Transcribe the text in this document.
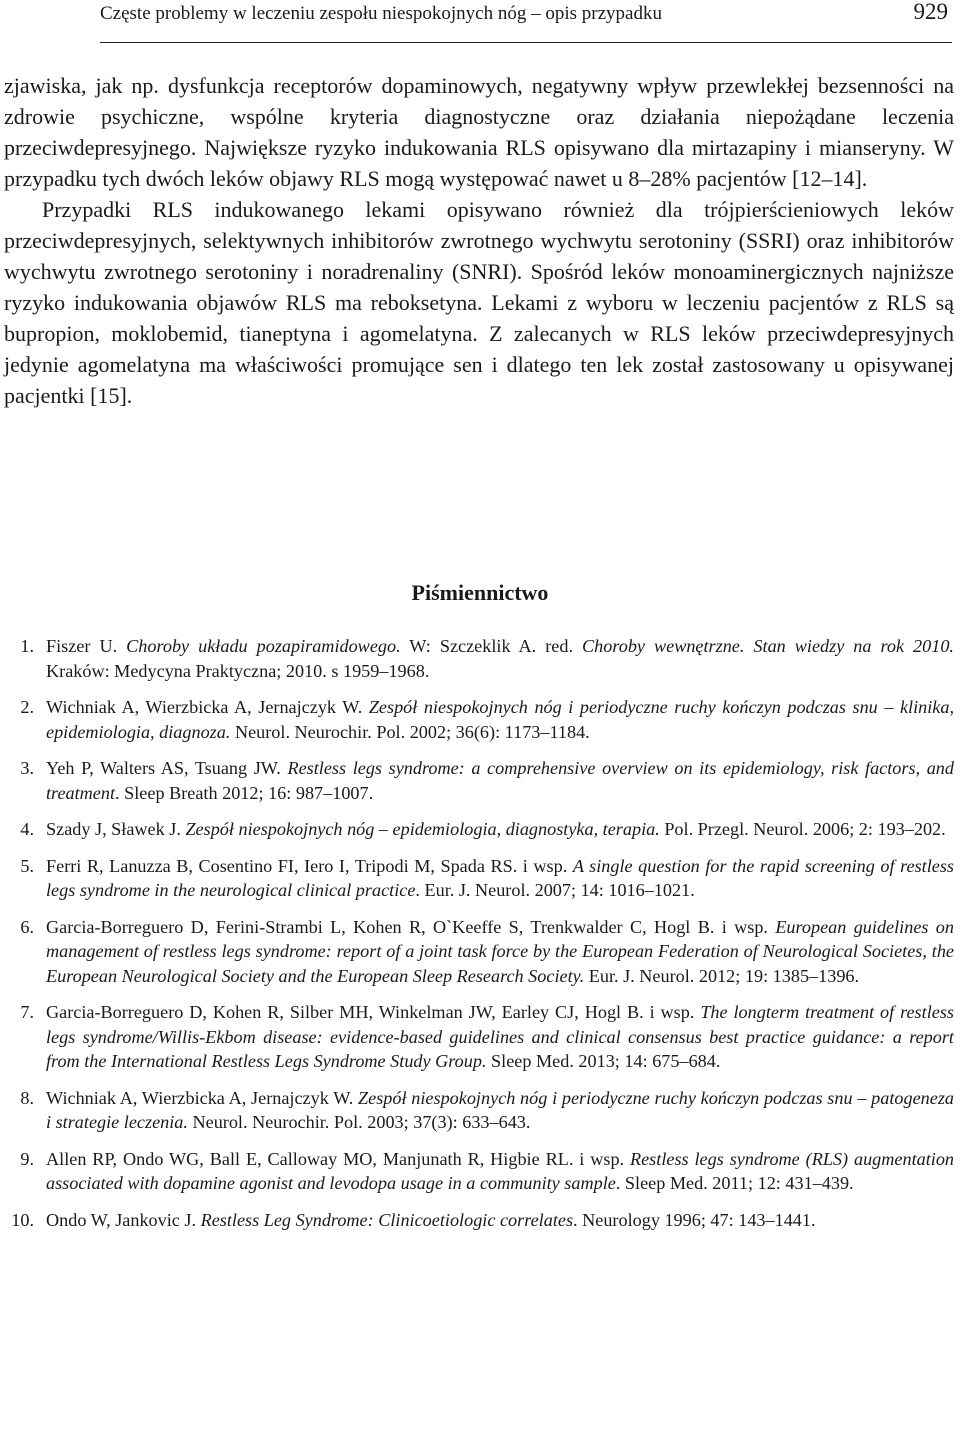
Częste problemy w leczeniu zespołu niespokojnych nóg – opis przypadku	929

zjawiska, jak np. dysfunkcja receptorów dopaminowych, negatywny wpływ przewlekłej bezsenności na zdrowie psychiczne, wspólne kryteria diagnostyczne oraz działania niepożądane leczenia przeciwdepresyjnego. Największe ryzyko indukowania RLS opisywano dla mirtazapiny i mianseryny. W przypadku tych dwóch leków objawy RLS mogą występować nawet u 8–28% pacjentów [12–14].

Przypadki RLS indukowanego lekami opisywano również dla trójpierścieniowych leków przeciwdepresyjnych, selektywnych inhibitorów zwrotnego wychwytu serotoniny (SSRI) oraz inhibitorów wychwytu zwrotnego serotoniny i noradrenaliny (SNRI). Spośród leków monoaminergicznych najniższe ryzyko indukowania objawów RLS ma reboksetyna. Lekami z wyboru w leczeniu pacjentów z RLS są bupropion, moklobemid, tianeptyna i agomelatyna. Z zalecanych w RLS leków przeciwdepresyjnych jedynie agomelatyna ma właściwości promujące sen i dlatego ten lek został zastosowany u opisywanej pacjentki [15].

Piśmiennictwo
1. Fiszer U. Choroby układu pozapiramidowego. W: Szczeklik A. red. Choroby wewnętrzne. Stan wiedzy na rok 2010. Kraków: Medycyna Praktyczna; 2010. s 1959–1968.
2. Wichniak A, Wierzbicka A, Jernajczyk W. Zespół niespokojnych nóg i periodyczne ruchy kończyn podczas snu – klinika, epidemiologia, diagnoza. Neurol. Neurochir. Pol. 2002; 36(6): 1173–1184.
3. Yeh P, Walters AS, Tsuang JW. Restless legs syndrome: a comprehensive overview on its epidemiology, risk factors, and treatment. Sleep Breath 2012; 16: 987–1007.
4. Szady J, Sławek J. Zespół niespokojnych nóg – epidemiologia, diagnostyka, terapia. Pol. Przegl. Neurol. 2006; 2: 193–202.
5. Ferri R, Lanuzza B, Cosentino FI, Iero I, Tripodi M, Spada RS. i wsp. A single question for the rapid screening of restless legs syndrome in the neurological clinical practice. Eur. J. Neurol. 2007; 14: 1016–1021.
6. Garcia-Borreguero D, Ferini-Strambi L, Kohen R, O`Keeffe S, Trenkwalder C, Hogl B. i wsp. European guidelines on management of restless legs syndrome: report of a joint task force by the European Federation of Neurological Societes, the European Neurological Society and the European Sleep Research Society. Eur. J. Neurol. 2012; 19: 1385–1396.
7. Garcia-Borreguero D, Kohen R, Silber MH, Winkelman JW, Earley CJ, Hogl B. i wsp. The longterm treatment of restless legs syndrome/Willis-Ekbom disease: evidence-based guidelines and clinical consensus best practice guidance: a report from the International Restless Legs Syndrome Study Group. Sleep Med. 2013; 14: 675–684.
8. Wichniak A, Wierzbicka A, Jernajczyk W. Zespół niespokojnych nóg i periodyczne ruchy kończyn podczas snu – patogeneza i strategie leczenia. Neurol. Neurochir. Pol. 2003; 37(3): 633–643.
9. Allen RP, Ondo WG, Ball E, Calloway MO, Manjunath R, Higbie RL. i wsp. Restless legs syndrome (RLS) augmentation associated with dopamine agonist and levodopa usage in a community sample. Sleep Med. 2011; 12: 431–439.
10. Ondo W, Jankovic J. Restless Leg Syndrome: Clinicoetiologic correlates. Neurology 1996; 47: 143–1441.
